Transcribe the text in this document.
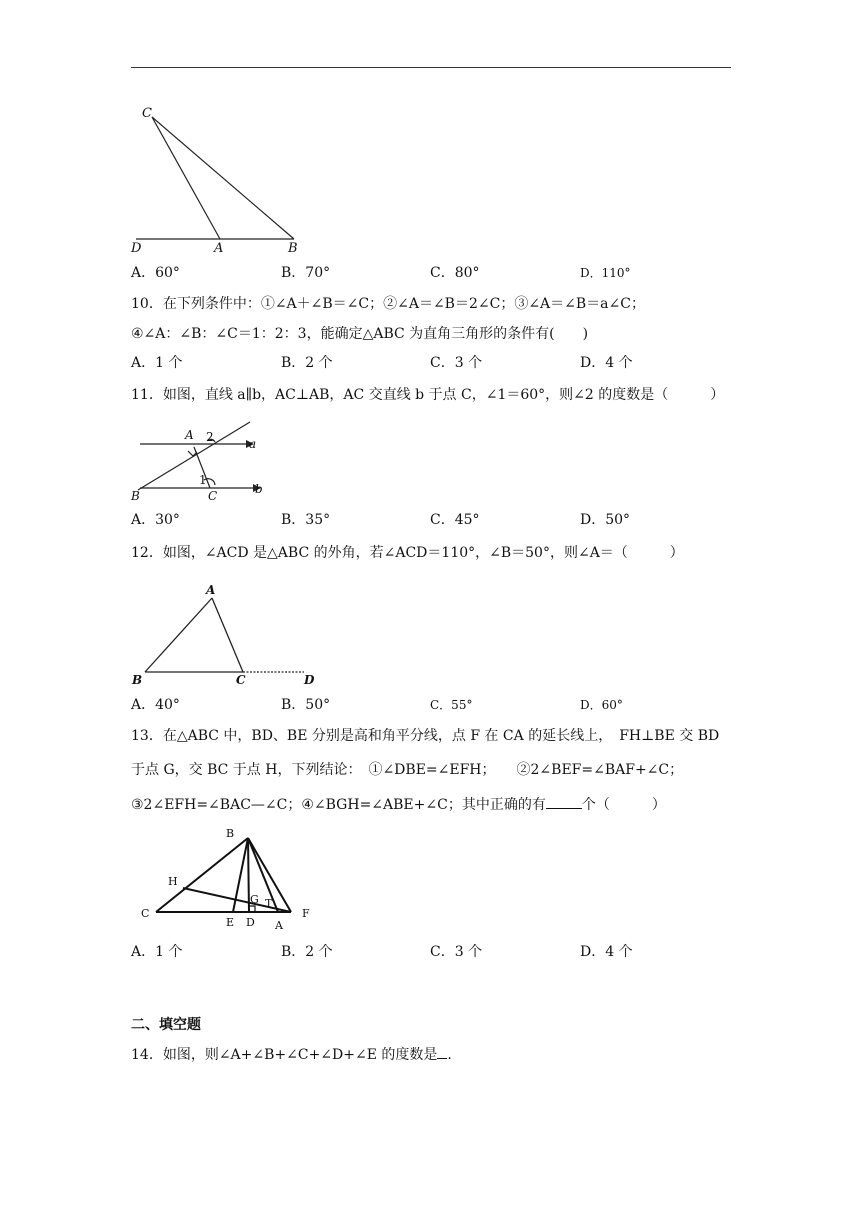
C
D	A	B
A．60°	B．70°	C．80°	D．110°
10．在下列条件中：①∠A＋∠B＝∠C；②∠A＝∠B＝2∠C；③∠A＝∠B＝a∠C；
④∠A：∠B：∠C＝1：2：3，能确定△ABC 为直角三角形的条件有(　　)
A．1 个	B．2 个	C．3 个	D．4 个
11．如图，直线 a∥b，AC⊥AB，AC 交直线 b 于点 C，∠1＝60°，则∠2 的度数是（　　　）
A 2	a
1
B	C	b
A．30°	B．35°	C．45°	D．50°
12．如图，∠ACD 是△ABC 的外角，若∠ACD＝110°，∠B＝50°，则∠A＝（　　　）
A
B	C	D
A．40°	B．50°	C．55°	D．60°
13．在△ABC 中，BD、BE 分别是高和角平分线，点 F 在 CA 的延长线上，　FH⊥BE 交 BD
于点 G，交 BC 于点 H，下列结论：　①∠DBE=∠EFH；　　②2∠BEF=∠BAF+∠C；
③2∠EFH=∠BAC—∠C；④∠BGH=∠ABE+∠C；其中正确的有	个（　　　）
B
H
G T
C
E D A
F
A．1 个	B．2 个	C．3 个	D．4 个
二、填空题
14．如图，则∠A+∠B+∠C+∠D+∠E 的度数是 .
